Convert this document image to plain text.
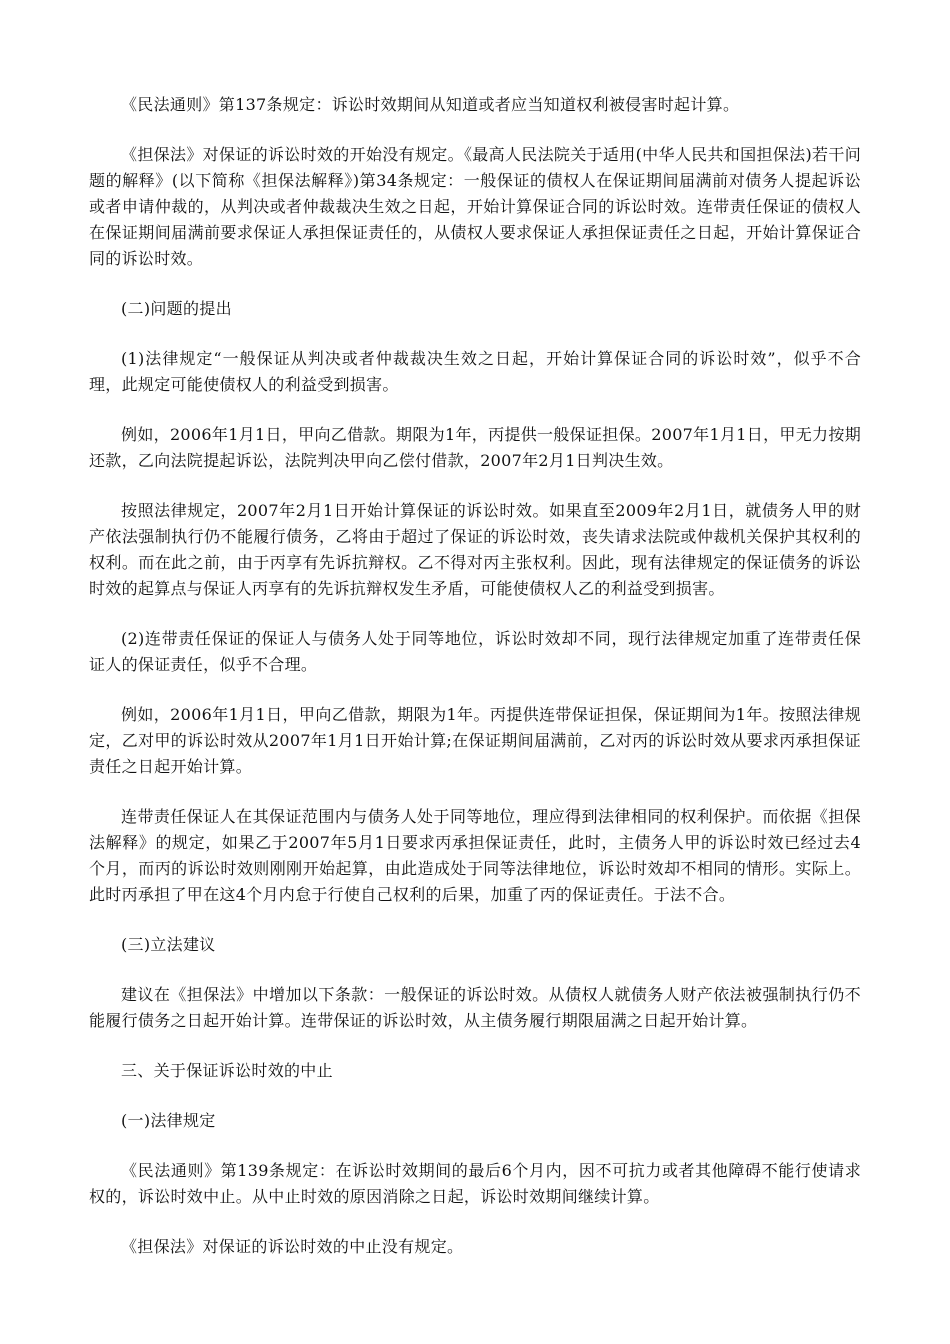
《民法通则》第137条规定：诉讼时效期间从知道或者应当知道权利被侵害时起计算。

《担保法》对保证的诉讼时效的开始没有规定。《最高人民法院关于适用(中华人民共和国担保法)若干问题的解释》(以下简称《担保法解释》)第34条规定：一般保证的债权人在保证期间届满前对债务人提起诉讼或者申请仲裁的，从判决或者仲裁裁决生效之日起，开始计算保证合同的诉讼时效。连带责任保证的债权人在保证期间届满前要求保证人承担保证责任的，从债权人要求保证人承担保证责任之日起，开始计算保证合同的诉讼时效。

(二)问题的提出

(1)法律规定“一般保证从判决或者仲裁裁决生效之日起，开始计算保证合同的诉讼时效”，似乎不合理，此规定可能使债权人的利益受到损害。

例如，2006年1月1日，甲向乙借款。期限为1年，丙提供一般保证担保。2007年1月1日，甲无力按期还款，乙向法院提起诉讼，法院判决甲向乙偿付借款，2007年2月1日判决生效。

按照法律规定，2007年2月1日开始计算保证的诉讼时效。如果直至2009年2月1日，就债务人甲的财产依法强制执行仍不能履行债务，乙将由于超过了保证的诉讼时效，丧失请求法院或仲裁机关保护其权利的权利。而在此之前，由于丙享有先诉抗辩权。乙不得对丙主张权利。因此，现有法律规定的保证债务的诉讼时效的起算点与保证人丙享有的先诉抗辩权发生矛盾，可能使债权人乙的利益受到损害。

(2)连带责任保证的保证人与债务人处于同等地位，诉讼时效却不同，现行法律规定加重了连带责任保证人的保证责任，似乎不合理。

例如，2006年1月1日，甲向乙借款，期限为1年。丙提供连带保证担保，保证期间为1年。按照法律规定，乙对甲的诉讼时效从2007年1月1日开始计算;在保证期间届满前，乙对丙的诉讼时效从要求丙承担保证责任之日起开始计算。

连带责任保证人在其保证范围内与债务人处于同等地位，理应得到法律相同的权利保护。而依据《担保法解释》的规定，如果乙于2007年5月1日要求丙承担保证责任，此时，主债务人甲的诉讼时效已经过去4个月，而丙的诉讼时效则刚刚开始起算，由此造成处于同等法律地位，诉讼时效却不相同的情形。实际上。此时丙承担了甲在这4个月内怠于行使自己权利的后果，加重了丙的保证责任。于法不合。

(三)立法建议

建议在《担保法》中增加以下条款：一般保证的诉讼时效。从债权人就债务人财产依法被强制执行仍不能履行债务之日起开始计算。连带保证的诉讼时效，从主债务履行期限届满之日起开始计算。

三、关于保证诉讼时效的中止

(一)法律规定

《民法通则》第139条规定：在诉讼时效期间的最后6个月内，因不可抗力或者其他障碍不能行使请求权的，诉讼时效中止。从中止时效的原因消除之日起，诉讼时效期间继续计算。

《担保法》对保证的诉讼时效的中止没有规定。
